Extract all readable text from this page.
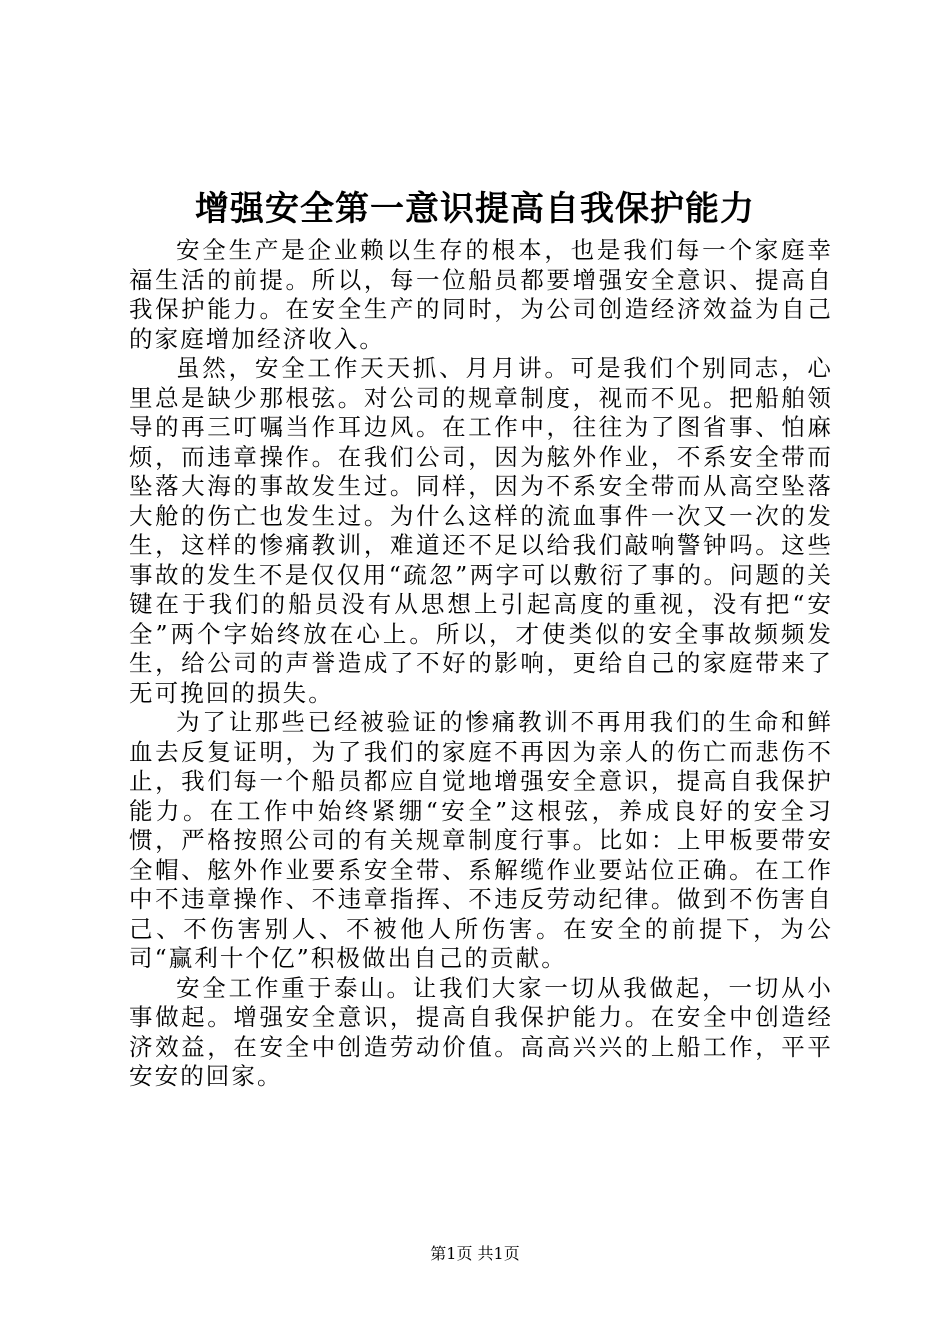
增强安全第一意识提高自我保护能力

安全生产是企业赖以生存的根本，也是我们每一个家庭幸福生活的前提。所以，每一位船员都要增强安全意识、提高自我保护能力。在安全生产的同时，为公司创造经济效益为自己的家庭增加经济收入。

虽然，安全工作天天抓、月月讲。可是我们个别同志，心里总是缺少那根弦。对公司的规章制度，视而不见。把船舶领导的再三叮嘱当作耳边风。在工作中，往往为了图省事、怕麻烦，而违章操作。在我们公司，因为舷外作业，不系安全带而坠落大海的事故发生过。同样，因为不系安全带而从高空坠落大舱的伤亡也发生过。为什么这样的流血事件一次又一次的发生，这样的惨痛教训，难道还不足以给我们敲响警钟吗。这些事故的发生不是仅仅用“疏忽”两字可以敷衍了事的。问题的关键在于我们的船员没有从思想上引起高度的重视，没有把“安全”两个字始终放在心上。所以，才使类似的安全事故频频发生，给公司的声誉造成了不好的影响，更给自己的家庭带来了无可挽回的损失。

为了让那些已经被验证的惨痛教训不再用我们的生命和鲜血去反复证明，为了我们的家庭不再因为亲人的伤亡而悲伤不止，我们每一个船员都应自觉地增强安全意识，提高自我保护能力。在工作中始终紧绷“安全”这根弦，养成良好的安全习惯，严格按照公司的有关规章制度行事。比如：上甲板要带安全帽、舷外作业要系安全带、系解缆作业要站位正确。在工作中不违章操作、不违章指挥、不违反劳动纪律。做到不伤害自己、不伤害别人、不被他人所伤害。在安全的前提下，为公司“赢利十个亿”积极做出自己的贡献。

安全工作重于泰山。让我们大家一切从我做起，一切从小事做起。增强安全意识，提高自我保护能力。在安全中创造经济效益，在安全中创造劳动价值。高高兴兴的上船工作，平平安安的回家。

第1页 共1页
